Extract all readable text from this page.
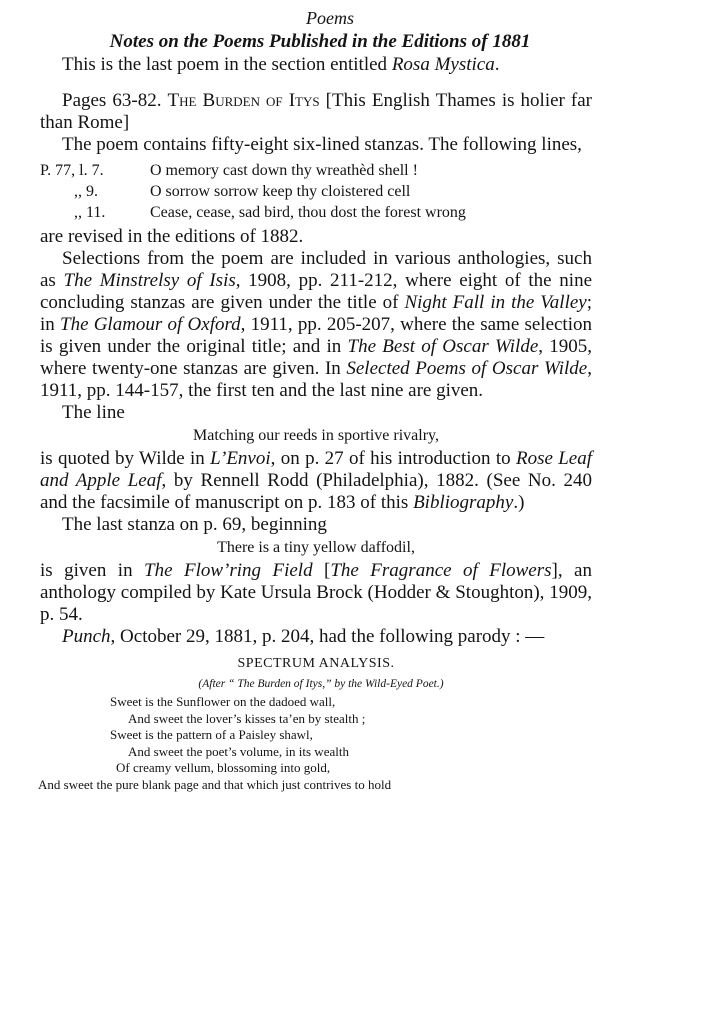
Poems
Notes on the Poems Published in the Editions of 1881

This is the last poem in the section entitled Rosa Mystica.

Pages 63-82. The Burden of Itys [This English Thames is holier far than Rome]

The poem contains fifty-eight six-lined stanzas. The following lines,

P. 77, l. 7.	O memory cast down thy wreathèd shell !
,, 9.	O sorrow sorrow keep thy cloistered cell
,, 11.	Cease, cease, sad bird, thou dost the forest wrong

are revised in the editions of 1882.

Selections from the poem are included in various anthologies, such as The Minstrelsy of Isis, 1908, pp. 211-212, where eight of the nine concluding stanzas are given under the title of Night Fall in the Valley; in The Glamour of Oxford, 1911, pp. 205-207, where the same selection is given under the original title; and in The Best of Oscar Wilde, 1905, where twenty-one stanzas are given. In Selected Poems of Oscar Wilde, 1911, pp. 144-157, the first ten and the last nine are given.

The line

Matching our reeds in sportive rivalry,

is quoted by Wilde in L’Envoi, on p. 27 of his introduction to Rose Leaf and Apple Leaf, by Rennell Rodd (Philadelphia), 1882. (See No. 240 and the facsimile of manuscript on p. 183 of this Bibliography.)

The last stanza on p. 69, beginning

There is a tiny yellow daffodil,

is given in The Flow’ring Field [The Fragrance of Flowers], an anthology compiled by Kate Ursula Brock (Hodder & Stoughton), 1909, p. 54.

Punch, October 29, 1881, p. 204, had the following parody : —

SPECTRUM ANALYSIS.
(After “ The Burden of Itys,” by the Wild-Eyed Poet.)
Sweet is the Sunflower on the dadoed wall,
And sweet the lover’s kisses ta’en by stealth ;
Sweet is the pattern of a Paisley shawl,
And sweet the poet’s volume, in its wealth
Of creamy vellum, blossoming into gold,
And sweet the pure blank page and that which just contrives to hold
